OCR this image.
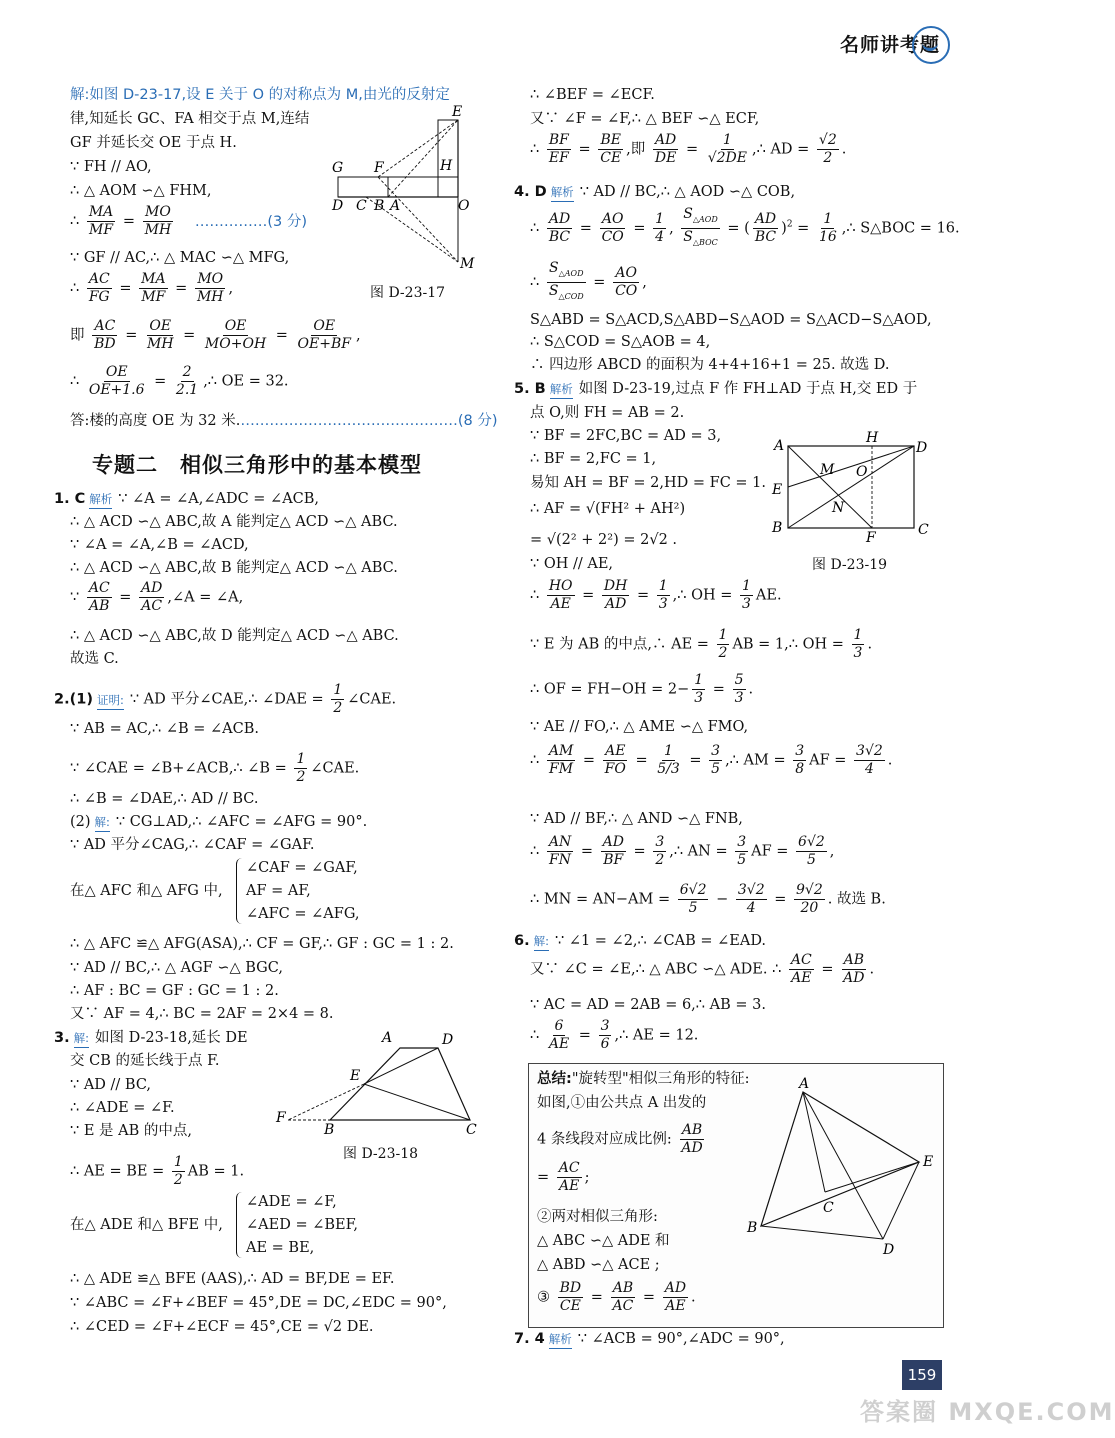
名师讲考题
解:如图 D-23-17,设 E 关于 O 的对称点为 M,由光的反射定
律,知延长 GC、FA 相交于点 M,连结
GF 并延长交 OE 于点 H.
∵ FH // AO,
∴ △ AOM ∽△ FHM,
∴ $\frac{MA}{MF} = \frac{MO}{MH}$ ……………(3 分)
∵ GF // AC,∴ △ MAC ∽△ MFG,
∴ $\frac{AC}{FG} = \frac{MA}{MF} = \frac{MO}{MH}$ ,
即 $\frac{AC}{BD} = \frac{OE}{MH} = \frac{OE}{MO+OH} = \frac{OE}{OE+BF}$ ,
∴ $\frac{OE}{OE+1.6} = \frac{2}{2.1}$ ,∴ OE = 32.
答:楼的高度 OE 为 32 米.………………………………………(8 分)
E
H
G F
D C B A	O
M
图 D-23-17
专题二　相似三角形中的基本模型
1. C 解析 ∵ ∠A = ∠A,∠ADC = ∠ACB,
∴ △ ACD ∽△ ABC,故 A 能判定△ ACD ∽△ ABC.
∵ ∠A = ∠A,∠B = ∠ACD,
∴ △ ACD ∽△ ABC,故 B 能判定△ ACD ∽△ ABC.
∵ $\frac{AC}{AB} = \frac{AD}{AC}$ ,∠A = ∠A,
∴ △ ACD ∽△ ABC,故 D 能判定△ ACD ∽△ ABC.
故选 C.
2.(1) 证明: ∵ AD 平分∠CAE,∴ ∠DAE = $\frac{1}{2}$ ∠CAE.
∵ AB = AC,∴ ∠B = ∠ACB.
∵ ∠CAE = ∠B+∠ACB,∴ ∠B = $\frac{1}{2}$ ∠CAE.
∴ ∠B = ∠DAE,∴ AD // BC.
(2) 解: ∵ CG⊥AD,∴ ∠AFC = ∠AFG = 90°.
∵ AD 平分∠CAG,∴ ∠CAF = ∠GAF.
在△ AFC 和△ AFG 中,
∠CAF = ∠GAF,
AF = AF,
∠AFC = ∠AFG,
∴ △ AFC ≌△ AFG(ASA),∴ CF = GF,∴ GF : GC = 1 : 2.
∵ AD // BC,∴ △ AGF ∽△ BGC,
∴ AF : BC = GF : GC = 1 : 2.
又∵ AF = 4,∴ BC = 2AF = 2×4 = 8.
3. 解: 如图 D-23-18,延长 DE
交 CB 的延长线于点 F.
∵ AD // BC,
∴ ∠ADE = ∠F.
∵ E 是 AB 的中点,
∴ AE = BE = $\frac{1}{2}$ AB = 1.
在△ ADE 和△ BFE 中,
∠ADE = ∠F,
∠AED = ∠BEF,
AE = BE,
∴ △ ADE ≌△ BFE (AAS),∴ AD = BF,DE = EF.
∵ ∠ABC = ∠F+∠BEF = 45°,DE = DC,∠EDC = 90°,
∴ ∠CED = ∠F+∠ECF = 45°,CE = √2 DE.
A	D
E
F
B	C
图 D-23-18
∴ ∠BEF = ∠ECF.
又∵ ∠F = ∠F,∴ △ BEF ∽△ ECF,
∴ $\frac{BF}{EF} = \frac{BE}{CE}$ ,即 $\frac{AD}{DE} = \frac{1}{√2DE}$ ,∴ AD = $\frac{√2}{2}$ .
4. D 解析 ∵ AD // BC,∴ △ AOD ∽△ COB,
∴ $\frac{AD}{BC} = \frac{AO}{CO} = \frac{1}{4}$ , $\frac{S_{\triangle AOD}}{S_{\triangle BOC}}$ = ( $\frac{AD}{BC} )^2 = \frac{1}{16}$ ,∴ S△BOC = 16.
∴ $\frac{S_{\triangle AOD}}{S_{\triangle COD}} = \frac{AO}{CO}$ ,
S△ABD = S△ACD,S△ABD−S△AOD = S△ACD−S△AOD,
∴ S△COD = S△AOB = 4,
∴ 四边形 ABCD 的面积为 4+4+16+1 = 25. 故选 D.
5. B 解析 如图 D-23-19,过点 F 作 FH⊥AD 于点 H,交 ED 于
点 O,则 FH = AB = 2.
∵ BF = 2FC,BC = AD = 3,
∴ BF = 2,FC = 1,
易知 AH = BF = 2,HD = FC = 1.
∴ AF = √(FH² + AH²)
= √(2² + 2²) = 2√2 .
∵ OH // AE,
∴ $\frac{HO}{AE} = \frac{DH}{AD} = \frac{1}{3}$ ,∴ OH = $\frac{1}{3}$ AE.
∵ E 为 AB 的中点,∴ AE = $\frac{1}{2}$ AB = 1,∴ OH = $\frac{1}{3}$ .
∴ OF = $FH-OH = 2- \frac{1}{3} = \frac{5}{3}$ .
∵ AE // FO,∴ △ AME ∽△ FMO,
∴ $\frac{AM}{FM} = \frac{AE}{FO} = \frac{1}{5/3} = \frac{3}{5}$ ,∴ AM = $\frac{3}{8}$ AF = $\frac{3√2}{4}$ .
∵ AD // BF,∴ △ AND ∽△ FNB,
∴ $\frac{AN}{FN} = \frac{AD}{BF} = \frac{3}{2}$ ,∴ AN = $\frac{3}{5}$ AF = $\frac{6√2}{5}$ ,
∴ MN = $AN-AM = \frac{6√2}{5} - \frac{3√2}{4} = \frac{9√2}{20}$ . 故选 B.
H
D
A
M O
E
N
B
F	C
图 D-23-19
6. 解: ∵ ∠1 = ∠2,∴ ∠CAB = ∠EAD.
又∵ ∠C = ∠E,∴ △ ABC ∽△ ADE. ∴ $\frac{AC}{AE} = \frac{AB}{AD}$ .
∵ AC = AD = 2AB = 6,∴ AB = 3.
∴ $\frac{6}{AE} = \frac{3}{6}$ ,∴ AE = 12.
总结:"旋转型"相似三角形的特征:
如图,①由公共点 A 出发的
4 条线段对应成比例: $\frac{AB}{AD}$
= $\frac{AC}{AE}$ ;
②两对相似三角形:
△ ABC ∽△ ADE 和
△ ABD ∽△ ACE ;
③ $\frac{BD}{CE} = \frac{AB}{AC} = \frac{AD}{AE}$ .
A
E
B
C
D
7. 4 解析 ∵ ∠ACB = 90°,∠ADC = 90°,
159
答案圈 MXQE.COM
